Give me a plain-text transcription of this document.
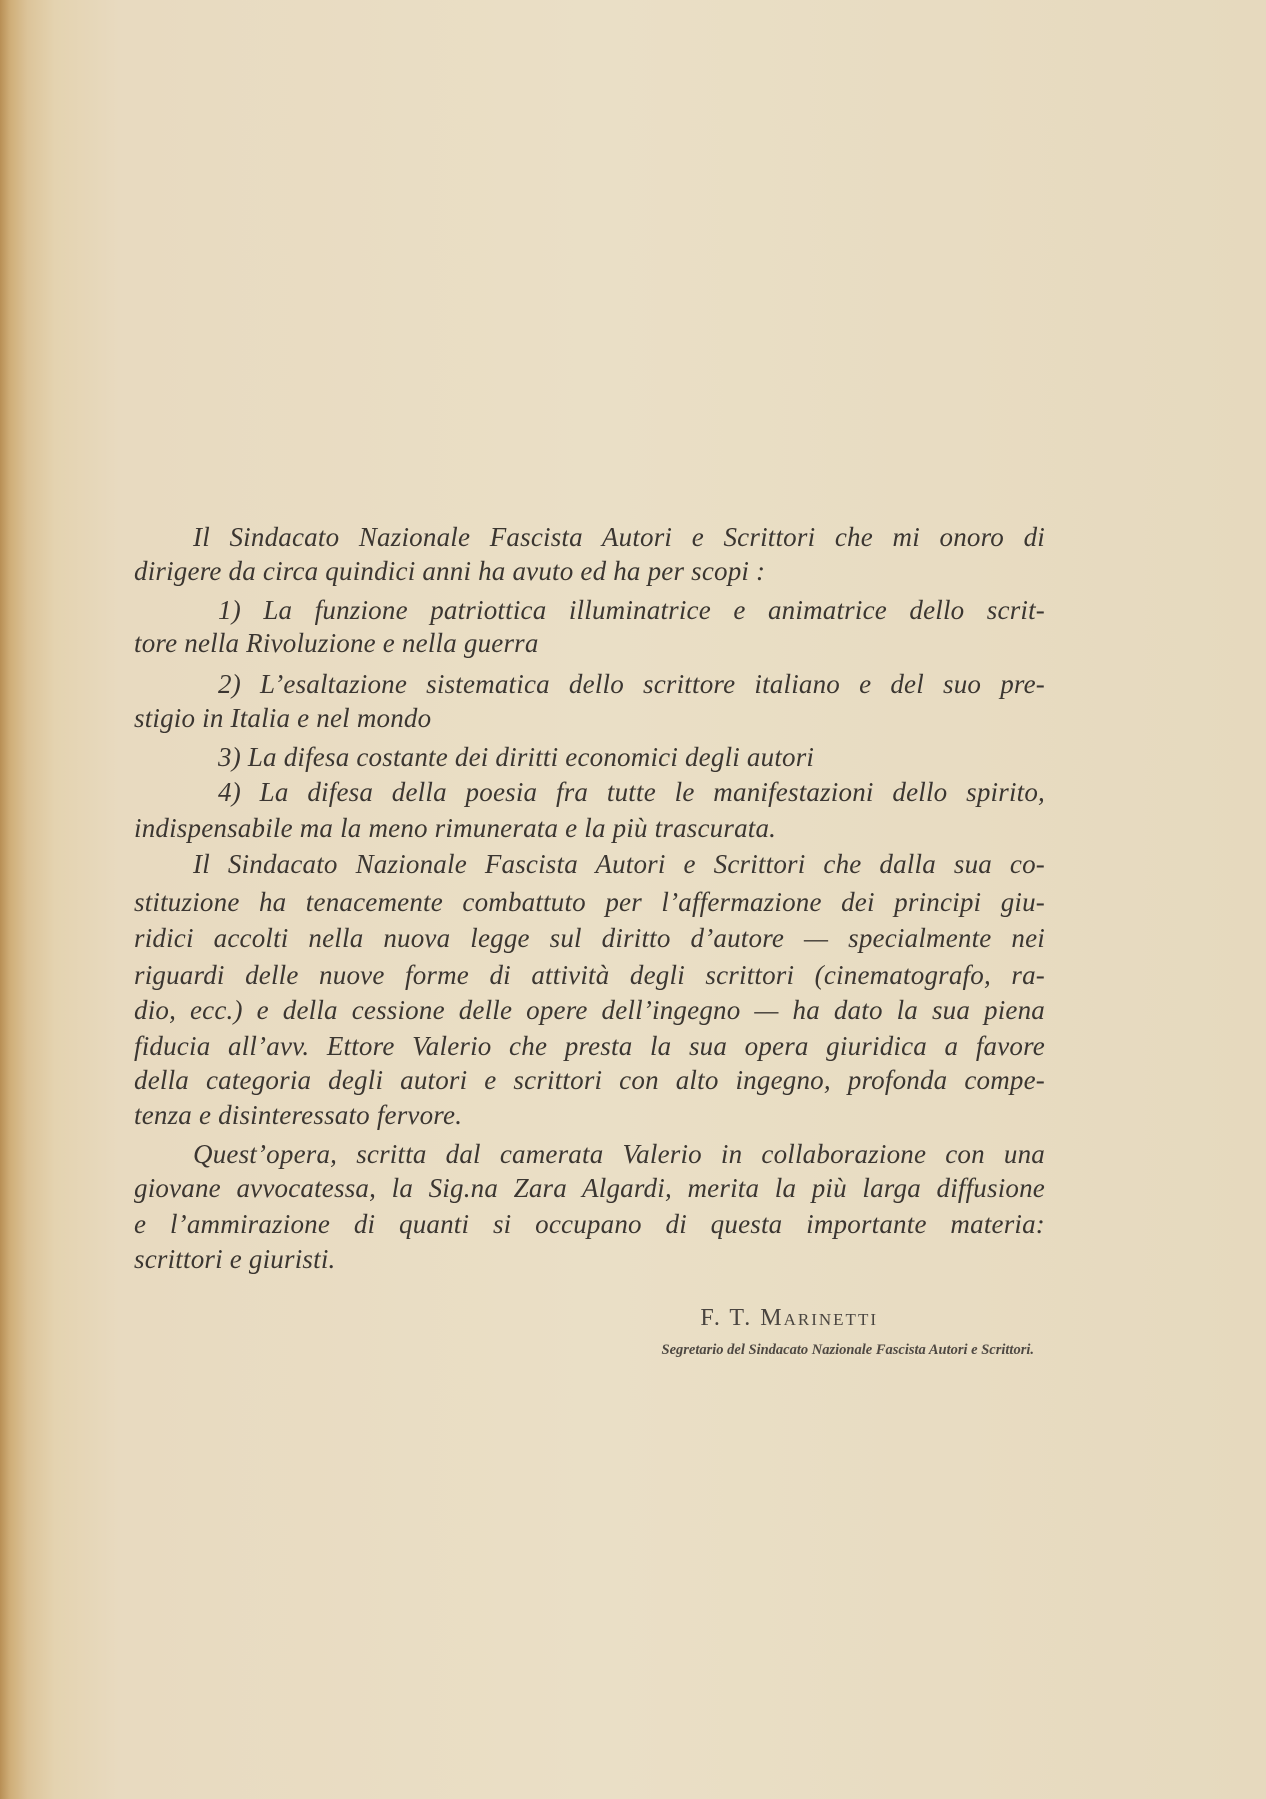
Il Sindacato Nazionale Fascista Autori e Scrittori che mi onoro di
dirigere da circa quindici anni ha avuto ed ha per scopi :
1) La funzione patriottica illuminatrice e animatrice dello scrit-
tore nella Rivoluzione e nella guerra
2) L’esaltazione sistematica dello scrittore italiano e del suo pre-
stigio in Italia e nel mondo
3) La difesa costante dei diritti economici degli autori
4) La difesa della poesia fra tutte le manifestazioni dello spirito,
indispensabile ma la meno rimunerata e la più trascurata.
Il Sindacato Nazionale Fascista Autori e Scrittori che dalla sua co-
stituzione ha tenacemente combattuto per l’affermazione dei principi giu-
ridici accolti nella nuova legge sul diritto d’autore — specialmente nei
riguardi delle nuove forme di attività degli scrittori (cinematografo, ra-
dio, ecc.) e della cessione delle opere dell’ingegno — ha dato la sua piena
fiducia all’avv. Ettore Valerio che presta la sua opera giuridica a favore
della categoria degli autori e scrittori con alto ingegno, profonda compe-
tenza e disinteressato fervore.
Quest’opera, scritta dal camerata Valerio in collaborazione con una
giovane avvocatessa, la Sig.na Zara Algardi, merita la più larga diffusione
e l’ammirazione di quanti si occupano di questa importante materia:
scrittori e giuristi.
F. T. Marinetti
Segretario del Sindacato Nazionale Fascista Autori e Scrittori.
